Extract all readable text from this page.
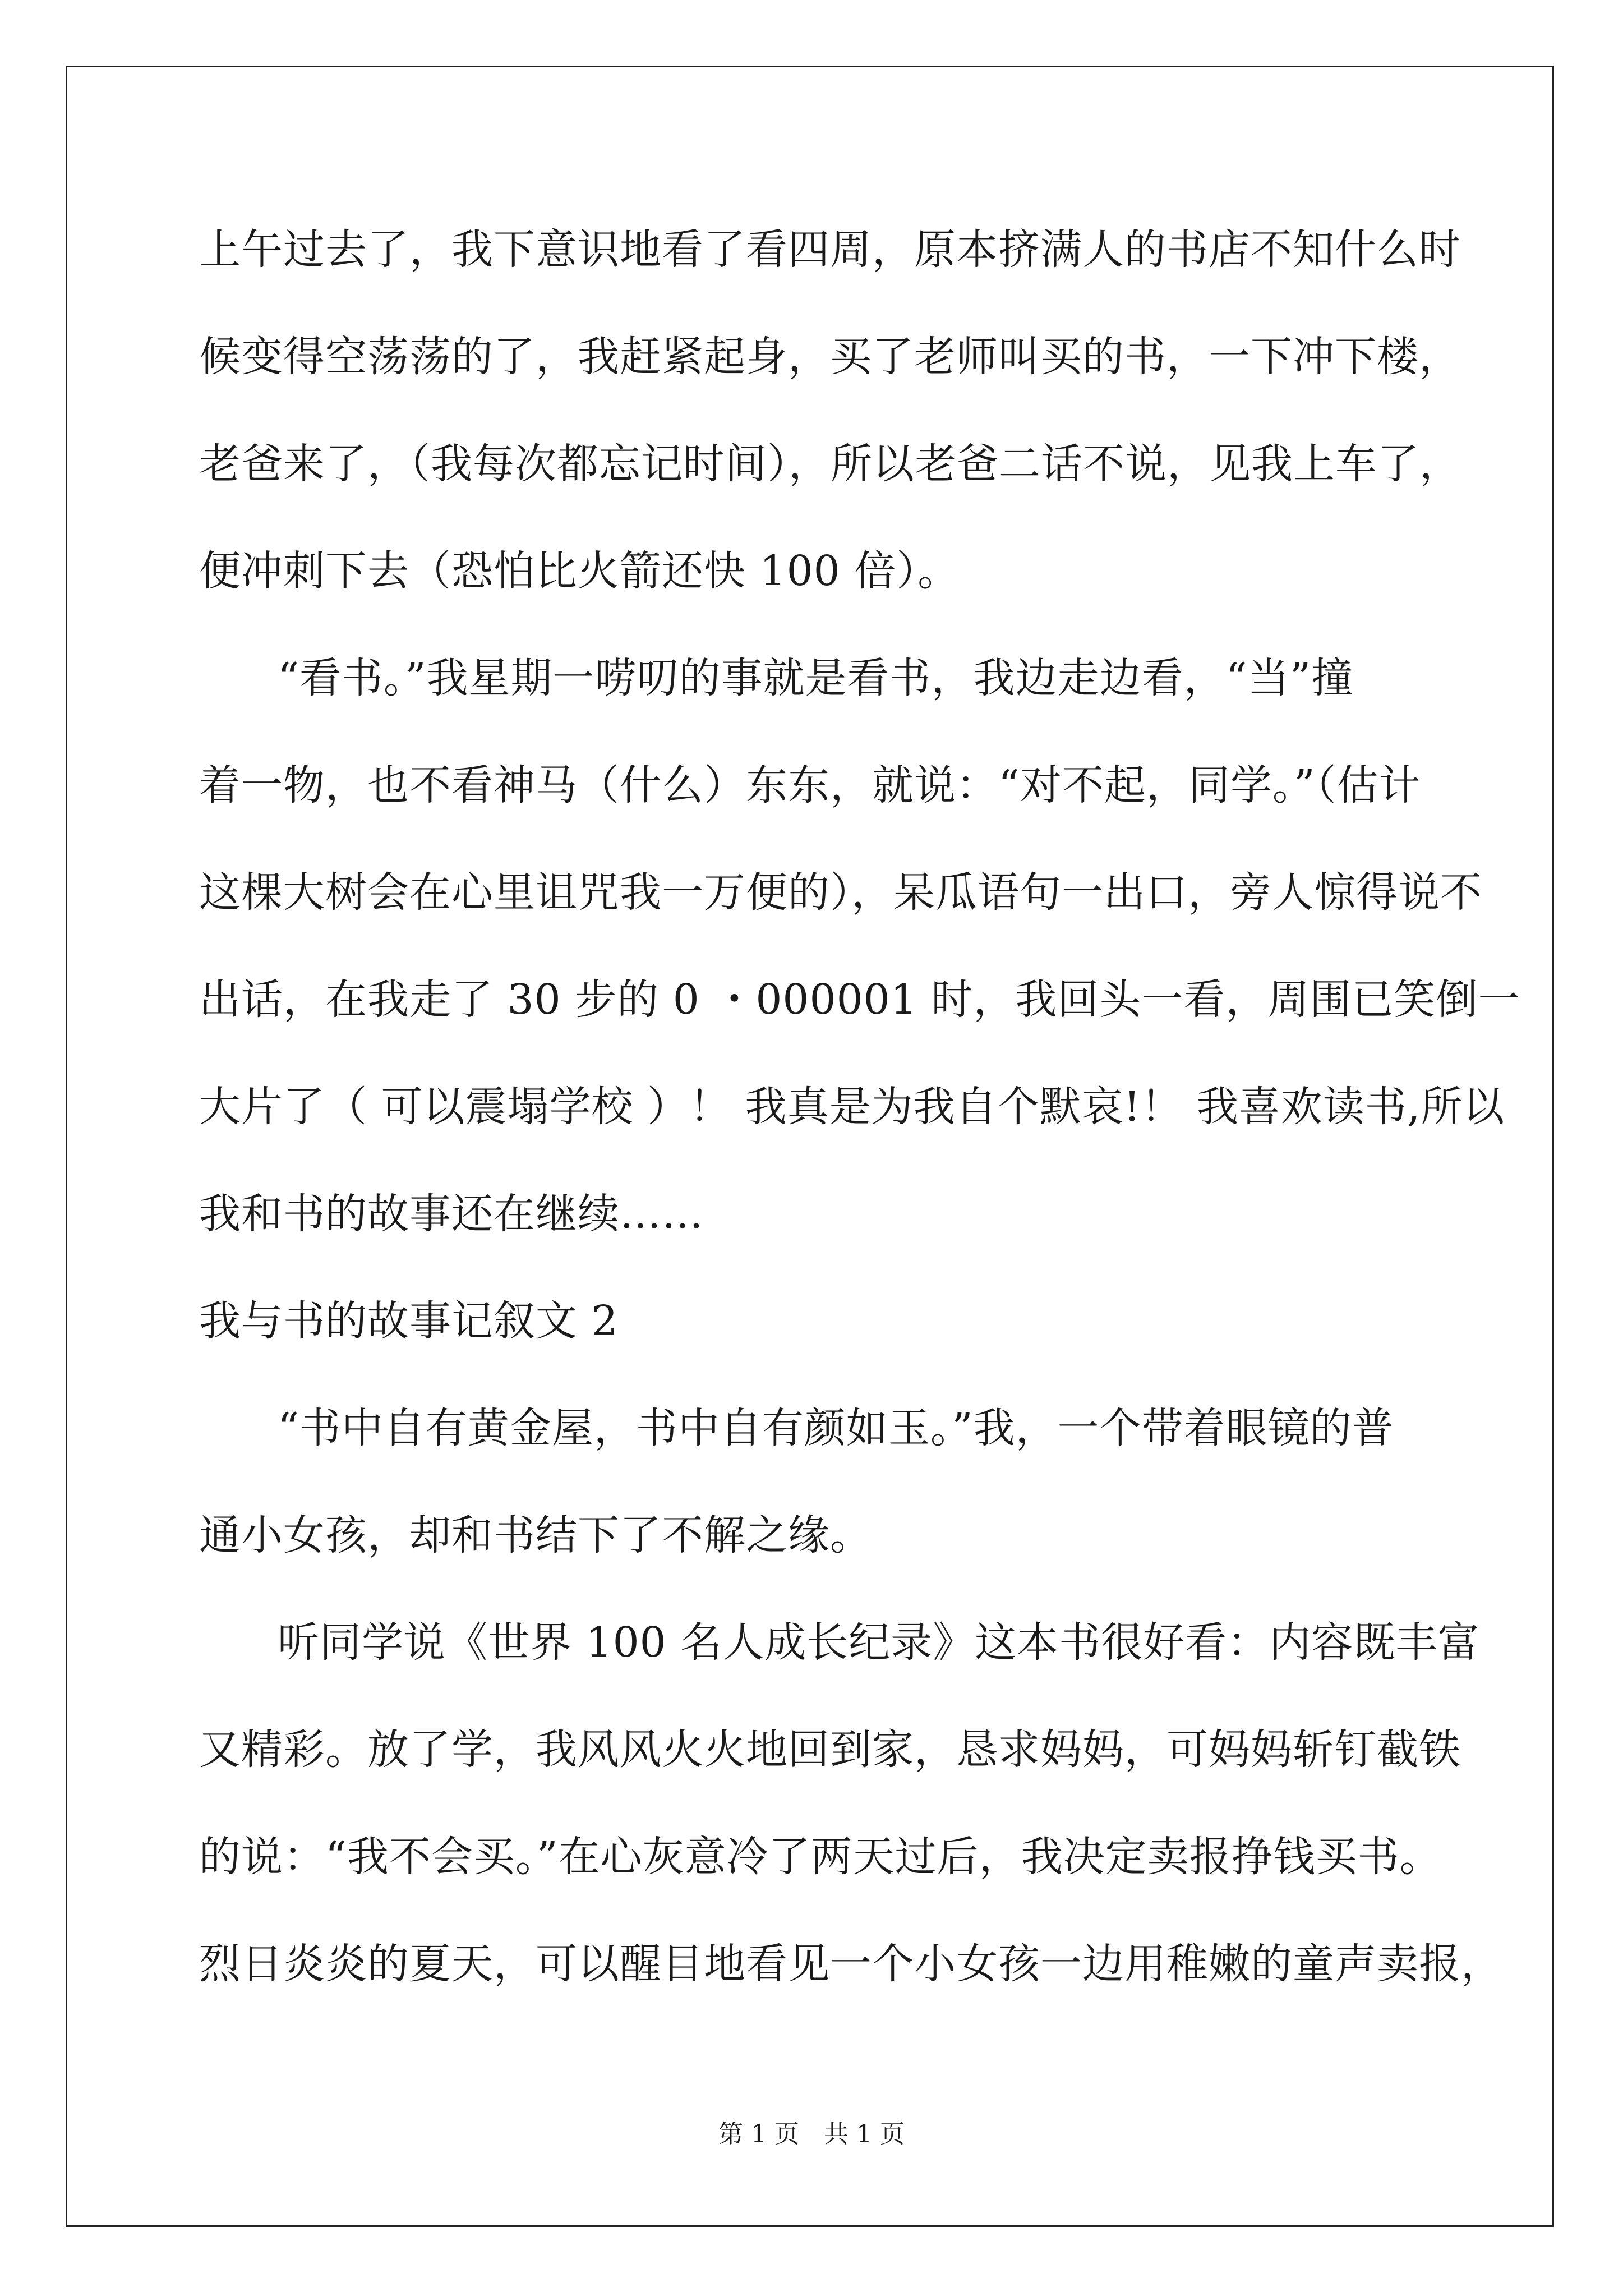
上午过去了，我下意识地看了看四周，原本挤满人的书店不知什么时
候变得空荡荡的了，我赶紧起身，买了老师叫买的书，一下冲下楼，
老爸来了，（我每次都忘记时间），所以老爸二话不说，见我上车了，
便冲刺下去（恐怕比火箭还快 100 倍）。
“看书。”我星期一唠叨的事就是看书，我边走边看，“当”撞
着一物，也不看神马（什么）东东，就说：“对不起，同学。”（估计
这棵大树会在心里诅咒我一万便的），呆瓜语句一出口，旁人惊得说不
出话，在我走了 30 步的 0 ・000001 时，我回头一看，周围已笑倒一
大片了（ 可以震塌学校 ）！ 我真是为我自个默哀!！ 我喜欢读书,所以
我和书的故事还在继续……
我与书的故事记叙文 2
“书中自有黄金屋，书中自有颜如玉。”我，一个带着眼镜的普
通小女孩，却和书结下了不解之缘。
听同学说《世界 100 名人成长纪录》这本书很好看：内容既丰富
又精彩。放了学，我风风火火地回到家，恳求妈妈，可妈妈斩钉截铁
的说：“我不会买。”在心灰意冷了两天过后，我决定卖报挣钱买书。
烈日炎炎的夏天，可以醒目地看见一个小女孩一边用稚嫩的童声卖报，
第 1 页　共 1 页
